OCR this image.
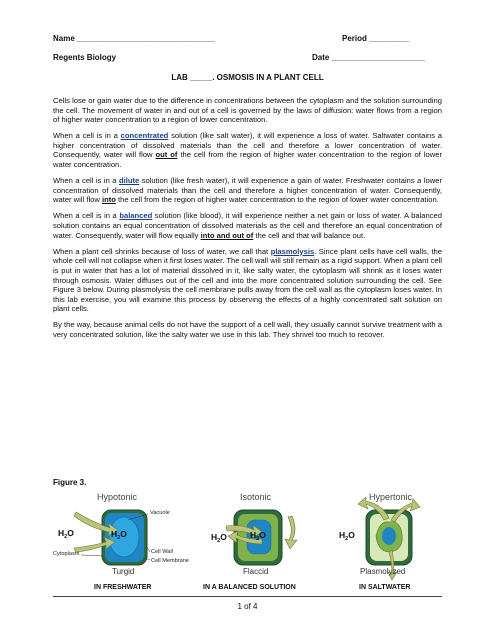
Name _______________________________	Period _________
Regents Biology	Date _____________________
LAB _____. OSMOSIS IN A PLANT CELL

Cells lose or gain water due to the difference in concentrations between the cytoplasm and the solution surrounding the cell. The movement of water in and out of a cell is governed by the laws of diffusion: water flows from a region of higher water concentration to a region of lower concentration.

When a cell is in a concentrated solution (like salt water), it will experience a loss of water. Saltwater contains a higher concentration of dissolved materials than the cell and therefore a lower concentration of water. Consequently, water will flow out of the cell from the region of higher water concentration to the region of lower water concentration.

When a cell is in a dilute solution (like fresh water), it will experience a gain of water. Freshwater contains a lower concentration of dissolved materials than the cell and therefore a higher concentration of water. Consequently, water will flow into the cell from the region of higher water concentration to the region of lower water concentration.

When a cell is in a balanced solution (like blood), it will experience neither a net gain or loss of water. A balanced solution contains an equal concentration of dissolved materials as the cell and therefore an equal concentration of water. Consequently, water will flow equally into and out of the cell and that will balance out.

When a plant cell shrinks because of loss of water, we call that plasmolysis. Since plant cells have cell walls, the whole cell will not collapse when it first loses water. The cell wall will still remain as a rigid support. When a plant cell is put in water that has a lot of material dissolved in it, like salty water, the cytoplasm will shrink as it loses water through osmosis. Water diffuses out of the cell and into the more concentrated solution surrounding the cell. See Figure 3 below. During plasmolysis the cell membrane pulls away from the cell wall as the cytoplasm loses water. In this lab exercise, you will examine this process by observing the effects of a highly concentrated salt solution on plant cells.

By the way, because animal cells do not have the support of a cell wall, they usually cannot survive treatment with a very concentrated solution, like the salty water we use in this lab. They shrivel too much to recover.

Figure 3.
Hypotonic	Isotonic	Hypertonic
Vacuole
Cell Wall
Cell Membrane
Cytoplasm
$H_2O$	$H_2O$	$H_2O$	$H_2O$	$H_2O$
Turgid	Flaccid	Plasmolyzed
IN FRESHWATER	IN A BALANCED SOLUTION	IN SALTWATER
1 of 4
